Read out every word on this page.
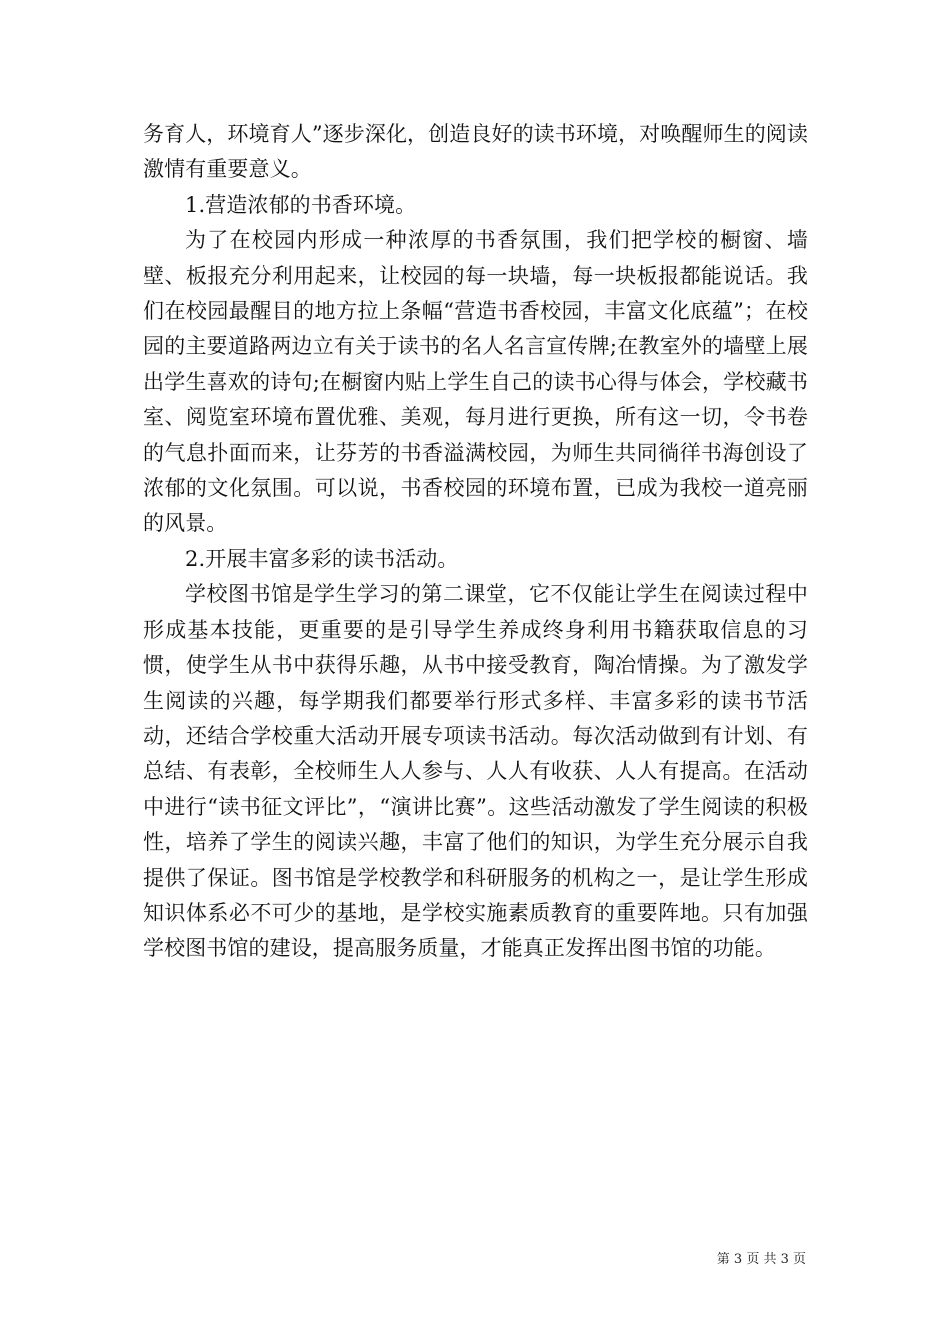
务育人，环境育人”逐步深化，创造良好的读书环境，对唤醒师生的阅读激情有重要意义。

1.营造浓郁的书香环境。

为了在校园内形成一种浓厚的书香氛围，我们把学校的橱窗、墙壁、板报充分利用起来，让校园的每一块墙，每一块板报都能说话。我们在校园最醒目的地方拉上条幅“营造书香校园，丰富文化底蕴”；在校园的主要道路两边立有关于读书的名人名言宣传牌;在教室外的墙壁上展出学生喜欢的诗句;在橱窗内贴上学生自己的读书心得与体会，学校藏书室、阅览室环境布置优雅、美观，每月进行更换，所有这一切，令书卷的气息扑面而来，让芬芳的书香溢满校园，为师生共同徜徉书海创设了浓郁的文化氛围。可以说，书香校园的环境布置，已成为我校一道亮丽的风景。

2.开展丰富多彩的读书活动。

学校图书馆是学生学习的第二课堂，它不仅能让学生在阅读过程中形成基本技能，更重要的是引导学生养成终身利用书籍获取信息的习惯，使学生从书中获得乐趣，从书中接受教育，陶冶情操。为了激发学生阅读的兴趣，每学期我们都要举行形式多样、丰富多彩的读书节活动，还结合学校重大活动开展专项读书活动。每次活动做到有计划、有总结、有表彰，全校师生人人参与、人人有收获、人人有提高。在活动中进行“读书征文评比”，“演讲比赛”。这些活动激发了学生阅读的积极性，培养了学生的阅读兴趣，丰富了他们的知识，为学生充分展示自我提供了保证。图书馆是学校教学和科研服务的机构之一，是让学生形成知识体系必不可少的基地，是学校实施素质教育的重要阵地。只有加强学校图书馆的建设，提高服务质量，才能真正发挥出图书馆的功能。

第 3 页 共 3 页
